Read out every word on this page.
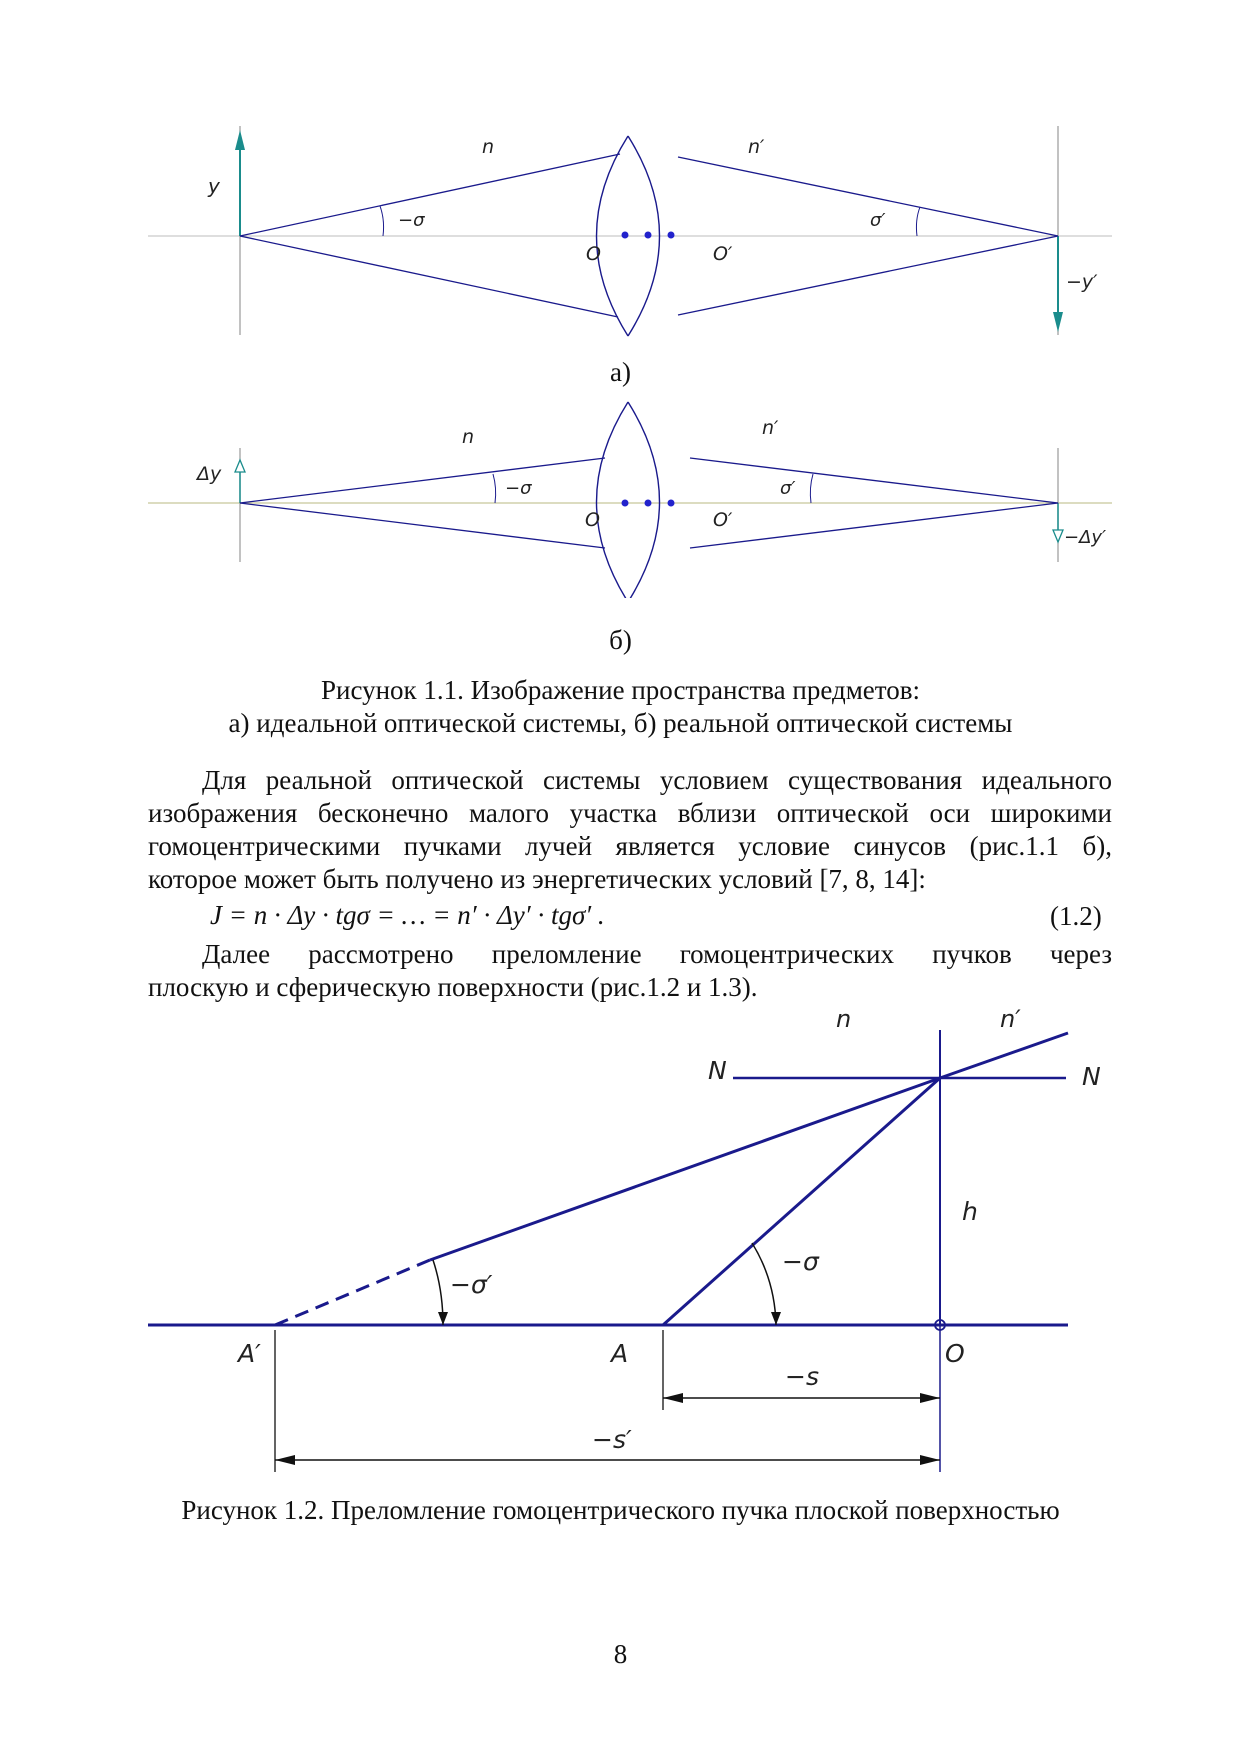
n	n′
y
−σ	σ′
O	O′
−y′
а)
n	n′
Δy
−σ	σ′
O	O′
−Δy′
б)
Рисунок 1.1. Изображение пространства предметов:
а) идеальной оптической системы, б) реальной оптической системы
Для реальной оптической системы условием существования идеального
изображения бесконечно малого участка вблизи оптической оси широкими
гомоцентрическими пучками лучей является условие синусов (рис.1.1 б),
которое может быть получено из энергетических условий [7, 8, 14]:
J = n · Δy · tgσ = … = n′ · Δy′ · tgσ′ .	(1.2)
Далее рассмотрено преломление гомоцентрических пучков через
плоскую и сферическую поверхности (рис.1.2 и 1.3).
n	n′
N	N
h
−σ
−σ′
A′	A	O
−s
−s′
Рисунок 1.2. Преломление гомоцентрического пучка плоской поверхностью
8
